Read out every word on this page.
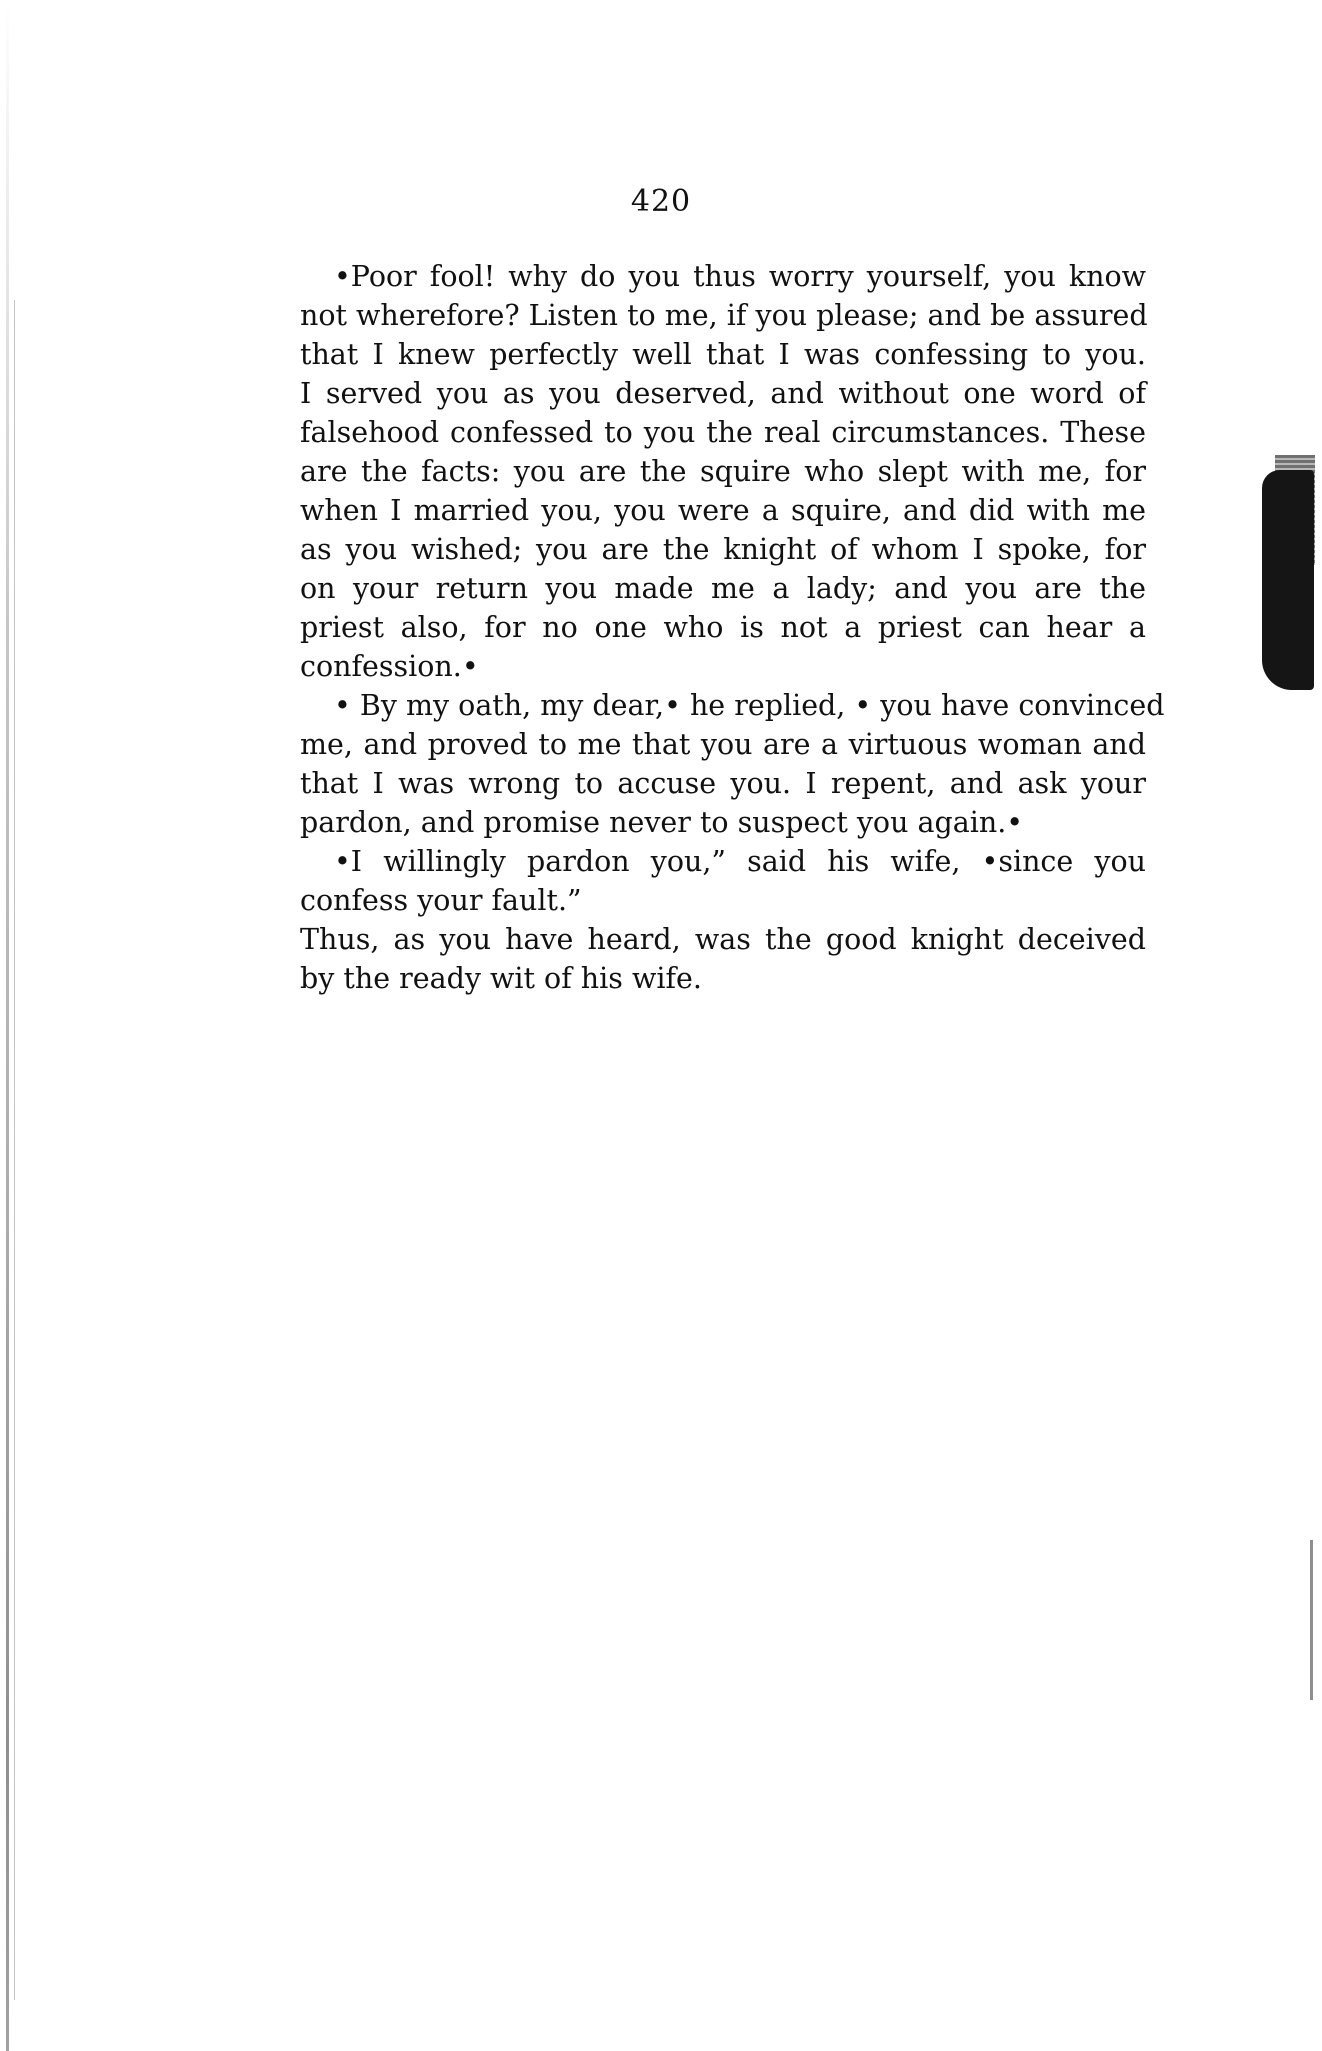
420
•Poor fool! why do you thus worry yourself, you know
not wherefore? Listen to me, if you please; and be assured
that I knew perfectly well that I was confessing to you.
I served you as you deserved, and without one word of
falsehood confessed to you the real circumstances. These
are the facts: you are the squire who slept with me, for
when I married you, you were a squire, and did with me
as you wished; you are the knight of whom I spoke, for
on your return you made me a lady; and you are the
priest also, for no one who is not a priest can hear a
confession.•
• By my oath, my dear,• he replied, • you have convinced
me, and proved to me that you are a virtuous woman and
that I was wrong to accuse you. I repent, and ask your
pardon, and promise never to suspect you again.•
•I willingly pardon you,” said his wife, •since you
confess your fault.”
Thus, as you have heard, was the good knight deceived
by the ready wit of his wife.
